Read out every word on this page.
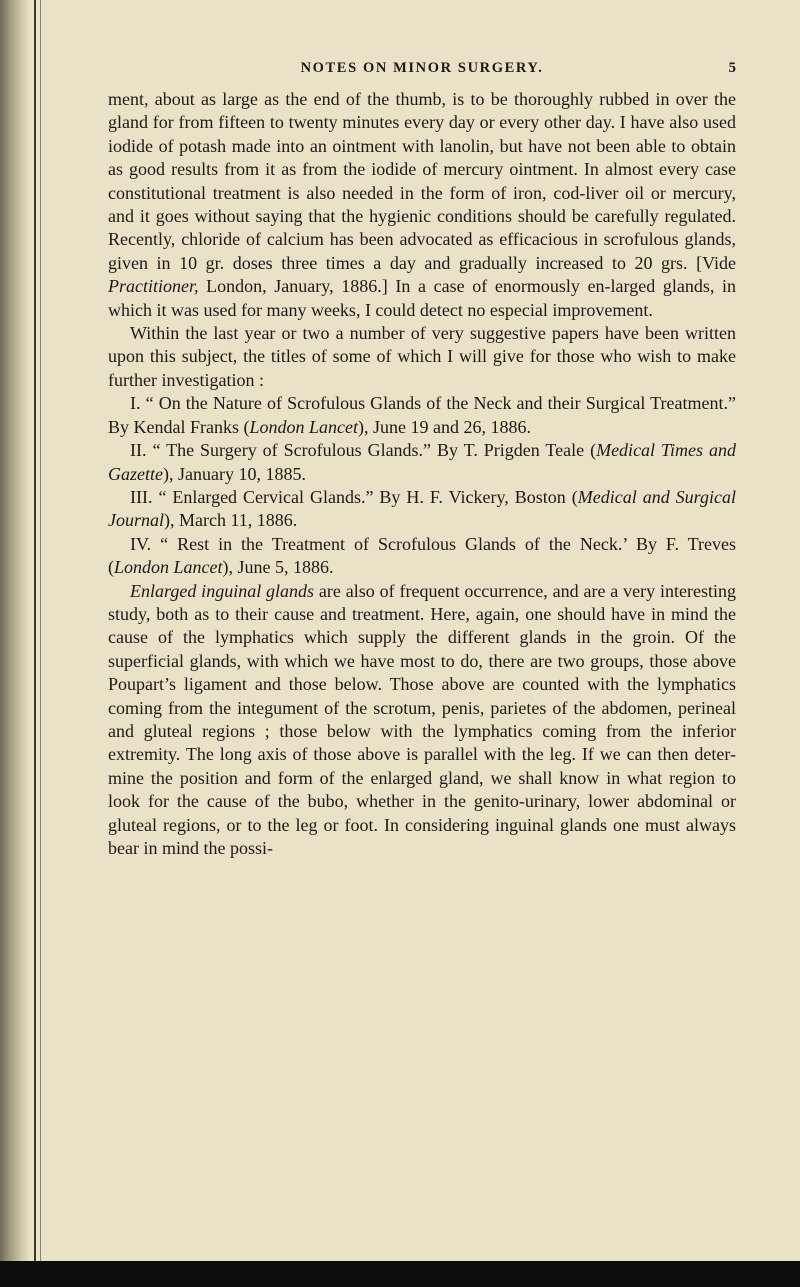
NOTES ON MINOR SURGERY.	5

ment, about as large as the end of the thumb, is to be thoroughly rubbed in over the gland for from fifteen to twenty minutes every day or every other day. I have also used iodide of potash made into an ointment with lanolin, but have not been able to obtain as good results from it as from the iodide of mercury ointment. In almost every case constitutional treatment is also needed in the form of iron, cod-liver oil or mercury, and it goes without saying that the hygienic conditions should be carefully regulated. Recently, chloride of calcium has been advocated as efficacious in scrofulous glands, given in 10 gr. doses three times a day and gradually increased to 20 grs. [Vide Practitioner, London, January, 1886.] In a case of enormously en-larged glands, in which it was used for many weeks, I could detect no especial improvement.

Within the last year or two a number of very suggestive papers have been written upon this subject, the titles of some of which I will give for those who wish to make further investigation :

I. “ On the Nature of Scrofulous Glands of the Neck and their Surgical Treatment.” By Kendal Franks (London Lancet), June 19 and 26, 1886.

II. “ The Surgery of Scrofulous Glands.” By T. Prigden Teale (Medical Times and Gazette), January 10, 1885.

III. “ Enlarged Cervical Glands.” By H. F. Vickery, Boston (Medical and Surgical Journal), March 11, 1886.

IV. “ Rest in the Treatment of Scrofulous Glands of the Neck.’ By F. Treves (London Lancet), June 5, 1886.

Enlarged inguinal glands are also of frequent occurrence, and are a very interesting study, both as to their cause and treatment. Here, again, one should have in mind the cause of the lymphatics which supply the different glands in the groin. Of the superficial glands, with which we have most to do, there are two groups, those above Poupart’s ligament and those below. Those above are counted with the lymphatics coming from the integument of the scrotum, penis, parietes of the abdomen, perineal and gluteal regions ; those below with the lymphatics coming from the inferior extremity. The long axis of those above is parallel with the leg. If we can then deter-mine the position and form of the enlarged gland, we shall know in what region to look for the cause of the bubo, whether in the genito-urinary, lower abdominal or gluteal regions, or to the leg or foot. In considering inguinal glands one must always bear in mind the possi-
